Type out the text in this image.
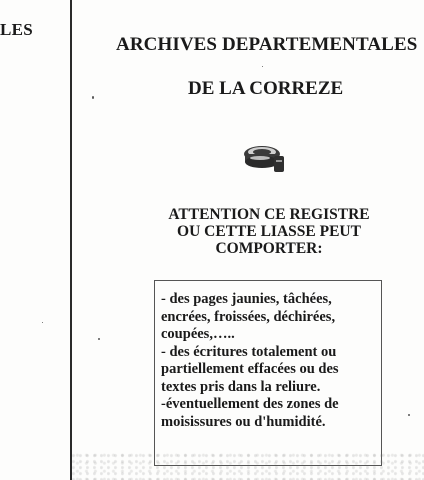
LES
ARCHIVES DEPARTEMENTALES
DE LA CORREZE
ATTENTION CE REGISTRE
OU CETTE LIASSE PEUT
COMPORTER:
- des pages jaunies, tâchées,
encrées, froissées, déchirées,
coupées,…..
- des écritures totalement ou
partiellement effacées ou des
textes pris dans la reliure.
-éventuellement des zones de
moisissures ou d'humidité.
